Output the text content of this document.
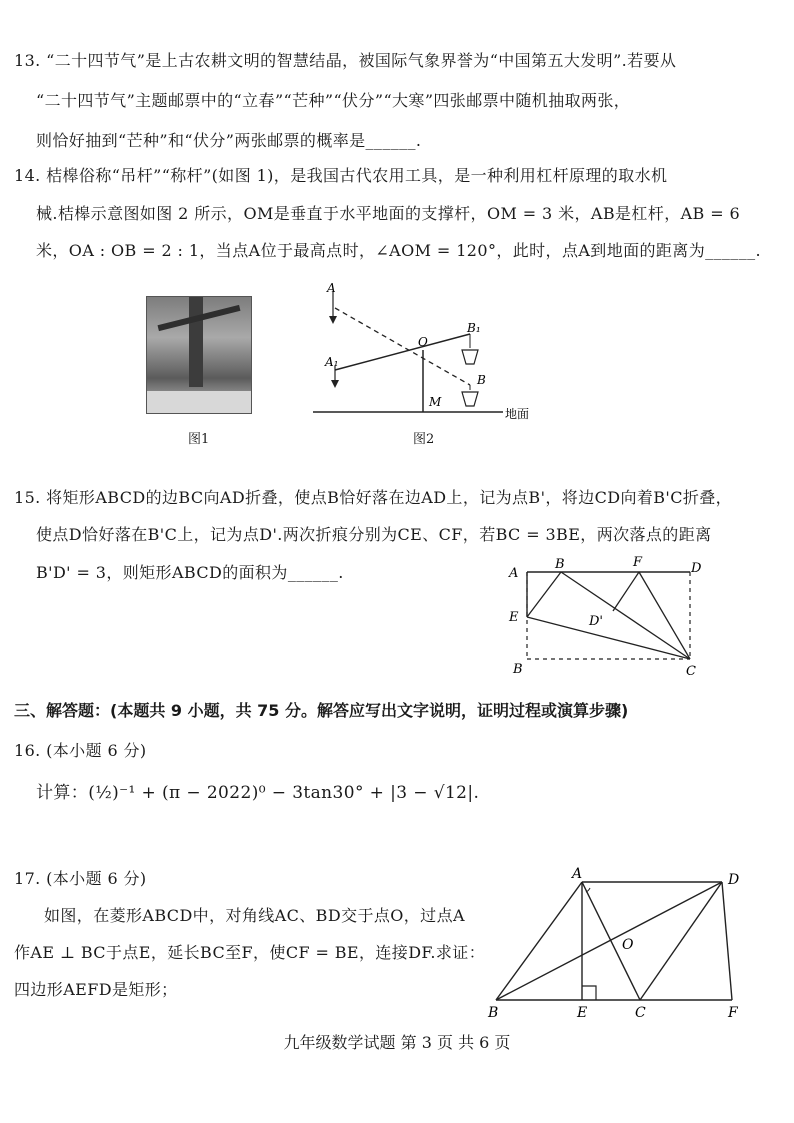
13. “二十四节气”是上古农耕文明的智慧结晶，被国际气象界誉为“中国第五大发明”.若要从
“二十四节气”主题邮票中的“立春”“芒种”“伏分”“大寒”四张邮票中随机抽取两张，
则恰好抽到“芒种”和“伏分”两张邮票的概率是______.
14. 桔槔俗称“吊杆”“称杆”(如图 1)，是我国古代农用工具，是一种利用杠杆原理的取水机
械.桔槔示意图如图 2 所示，OM是垂直于水平地面的支撑杆，OM = 3 米，AB是杠杆，AB = 6
米，OA : OB = 2 : 1，当点A位于最高点时，∠AOM = 120°，此时，点A到地面的距离为______.
图1
A
A₁
O
B₁
B
M
地面
图2
15. 将矩形ABCD的边BC向AD折叠，使点B恰好落在边AD上，记为点B'，将边CD向着B'C折叠，
使点D恰好落在B'C上，记为点D'.两次折痕分别为CE、CF，若BC = 3BE，两次落点的距离
B'D' = 3，则矩形ABCD的面积为______.	A
B	F	D
E	D'
B	C
三、解答题：(本题共 9 小题，共 75 分。解答应写出文字说明，证明过程或演算步骤)
16. (本小题 6 分)
计算：(½)⁻¹ + (π − 2022)⁰ − 3tan30° + |3 − √12|.
17. (本小题 6 分)
如图，在菱形ABCD中，对角线AC、BD交于点O，过点A
作AE ⊥ BC于点E，延长BC至F，使CF = BE，连接DF.求证：
四边形AEFD是矩形；
A	D
O
B	E	C	F
九年级数学试题 第 3 页 共 6 页
